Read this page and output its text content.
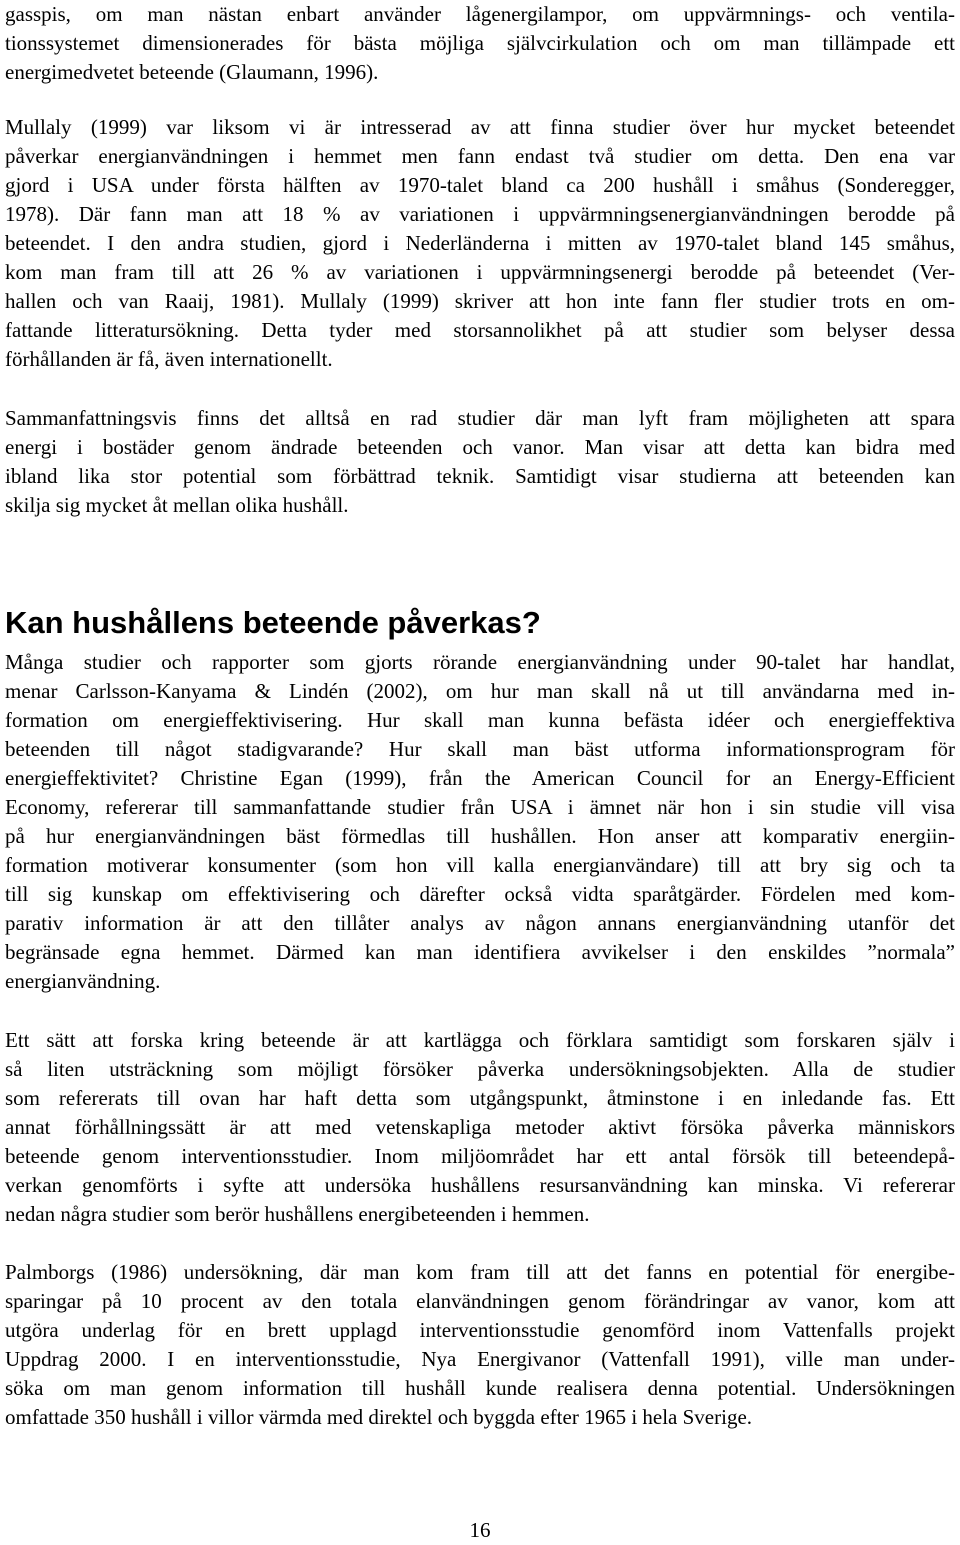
gasspis, om man nästan enbart använder lågenergilampor, om uppvärmnings- och ventila-
tionssystemet dimensionerades för bästa möjliga självcirkulation och om man tillämpade ett
energimedvetet beteende (Glaumann, 1996).

Mullaly (1999) var liksom vi är intresserad av att finna studier över hur mycket beteendet
påverkar energianvändningen i hemmet men fann endast två studier om detta. Den ena var
gjord i USA under första hälften av 1970-talet bland ca 200 hushåll i småhus (Sonderegger,
1978). Där fann man att 18 % av variationen i uppvärmningsenergianvändningen berodde på
beteendet. I den andra studien, gjord i Nederländerna i mitten av 1970-talet bland 145 småhus,
kom man fram till att 26 % av variationen i uppvärmningsenergi berodde på beteendet (Ver-
hallen och van Raaij, 1981). Mullaly (1999) skriver att hon inte fann fler studier trots en om-
fattande litteratursökning. Detta tyder med storsannolikhet på att studier som belyser dessa
förhållanden är få, även internationellt.

Sammanfattningsvis finns det alltså en rad studier där man lyft fram möjligheten att spara
energi i bostäder genom ändrade beteenden och vanor. Man visar att detta kan bidra med
ibland lika stor potential som förbättrad teknik. Samtidigt visar studierna att beteenden kan
skilja sig mycket åt mellan olika hushåll.

Kan hushållens beteende påverkas?

Många studier och rapporter som gjorts rörande energianvändning under 90-talet har handlat,
menar Carlsson-Kanyama & Lindén (2002), om hur man skall nå ut till användarna med in-
formation om energieffektivisering. Hur skall man kunna befästa idéer och energieffektiva
beteenden till något stadigvarande? Hur skall man bäst utforma informationsprogram för
energieffektivitet? Christine Egan (1999), från the American Council for an Energy-Efficient
Economy, refererar till sammanfattande studier från USA i ämnet när hon i sin studie vill visa
på hur energianvändningen bäst förmedlas till hushållen. Hon anser att komparativ energiin-
formation motiverar konsumenter (som hon vill kalla energianvändare) till att bry sig och ta
till sig kunskap om effektivisering och därefter också vidta sparåtgärder. Fördelen med kom-
parativ information är att den tillåter analys av någon annans energianvändning utanför det
begränsade egna hemmet. Därmed kan man identifiera avvikelser i den enskildes ”normala”
energianvändning.

Ett sätt att forska kring beteende är att kartlägga och förklara samtidigt som forskaren själv i
så liten utsträckning som möjligt försöker påverka undersökningsobjekten. Alla de studier
som refererats till ovan har haft detta som utgångspunkt, åtminstone i en inledande fas. Ett
annat förhållningssätt är att med vetenskapliga metoder aktivt försöka påverka människors
beteende genom interventionsstudier. Inom miljöområdet har ett antal försök till beteendepå-
verkan genomförts i syfte att undersöka hushållens resursanvändning kan minska. Vi refererar
nedan några studier som berör hushållens energibeteenden i hemmen.

Palmborgs (1986) undersökning, där man kom fram till att det fanns en potential för energibe-
sparingar på 10 procent av den totala elanvändningen genom förändringar av vanor, kom att
utgöra underlag för en brett upplagd interventionsstudie genomförd inom Vattenfalls projekt
Uppdrag 2000. I en interventionsstudie, Nya Energivanor (Vattenfall 1991), ville man under-
söka om man genom information till hushåll kunde realisera denna potential. Undersökningen
omfattade 350 hushåll i villor värmda med direktel och byggda efter 1965 i hela Sverige.

16
